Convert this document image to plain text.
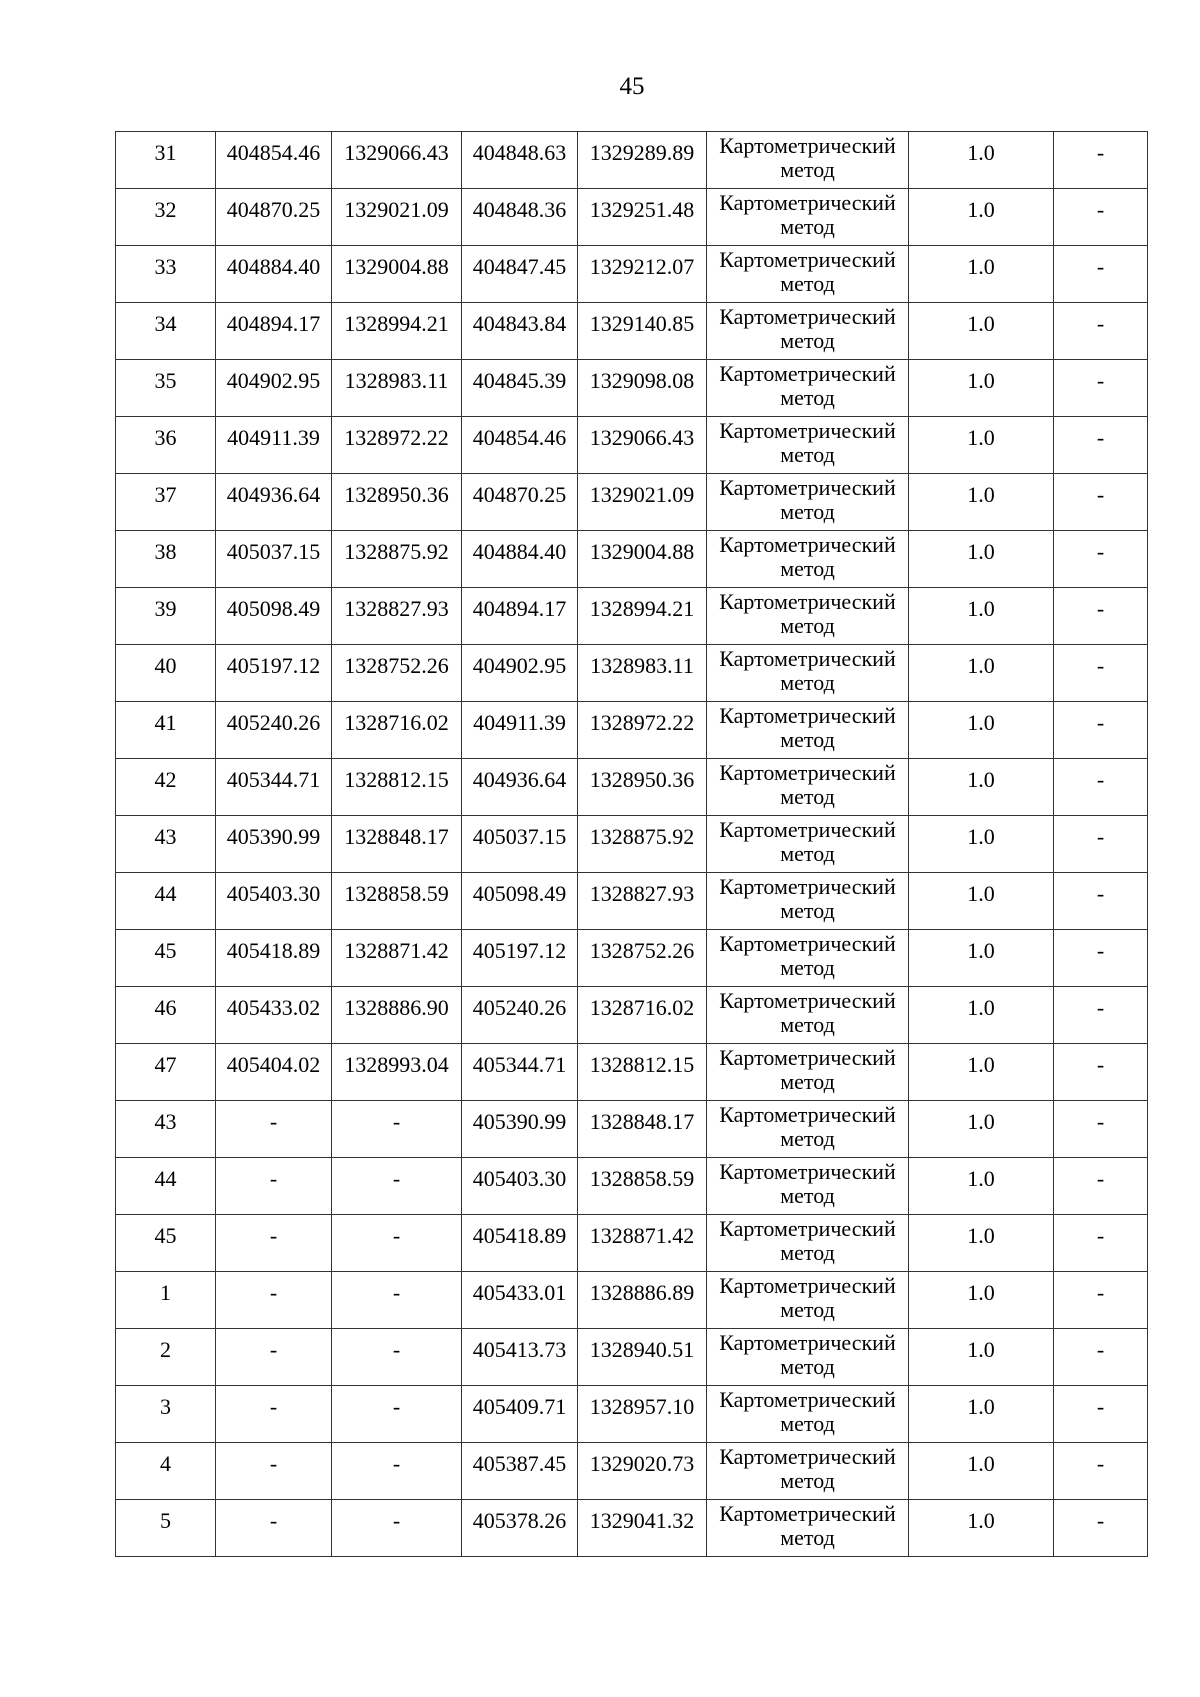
45
31	404854.46	1329066.43	404848.63	1329289.89	Картометрический
метод	1.0	-
32	404870.25	1329021.09	404848.36	1329251.48	Картометрический
метод	1.0	-
33	404884.40	1329004.88	404847.45	1329212.07	Картометрический
метод	1.0	-
34	404894.17	1328994.21	404843.84	1329140.85	Картометрический
метод	1.0	-
35	404902.95	1328983.11	404845.39	1329098.08	Картометрический
метод	1.0	-
36	404911.39	1328972.22	404854.46	1329066.43	Картометрический
метод	1.0	-
37	404936.64	1328950.36	404870.25	1329021.09	Картометрический
метод	1.0	-
38	405037.15	1328875.92	404884.40	1329004.88	Картометрический
метод	1.0	-
39	405098.49	1328827.93	404894.17	1328994.21	Картометрический
метод	1.0	-
40	405197.12	1328752.26	404902.95	1328983.11	Картометрический
метод	1.0	-
41	405240.26	1328716.02	404911.39	1328972.22	Картометрический
метод	1.0	-
42	405344.71	1328812.15	404936.64	1328950.36	Картометрический
метод	1.0	-
43	405390.99	1328848.17	405037.15	1328875.92	Картометрический
метод	1.0	-
44	405403.30	1328858.59	405098.49	1328827.93	Картометрический
метод	1.0	-
45	405418.89	1328871.42	405197.12	1328752.26	Картометрический
метод	1.0	-
46	405433.02	1328886.90	405240.26	1328716.02	Картометрический
метод	1.0	-
47	405404.02	1328993.04	405344.71	1328812.15	Картометрический
метод	1.0	-
43	-	-	405390.99	1328848.17	Картометрический
метод	1.0	-
44	-	-	405403.30	1328858.59	Картометрический
метод	1.0	-
45	-	-	405418.89	1328871.42	Картометрический
метод	1.0	-
1	-	-	405433.01	1328886.89	Картометрический
метод	1.0	-
2	-	-	405413.73	1328940.51	Картометрический
метод	1.0	-
3	-	-	405409.71	1328957.10	Картометрический
метод	1.0	-
4	-	-	405387.45	1329020.73	Картометрический
метод	1.0	-
5	-	-	405378.26	1329041.32	Картометрический
метод	1.0	-
